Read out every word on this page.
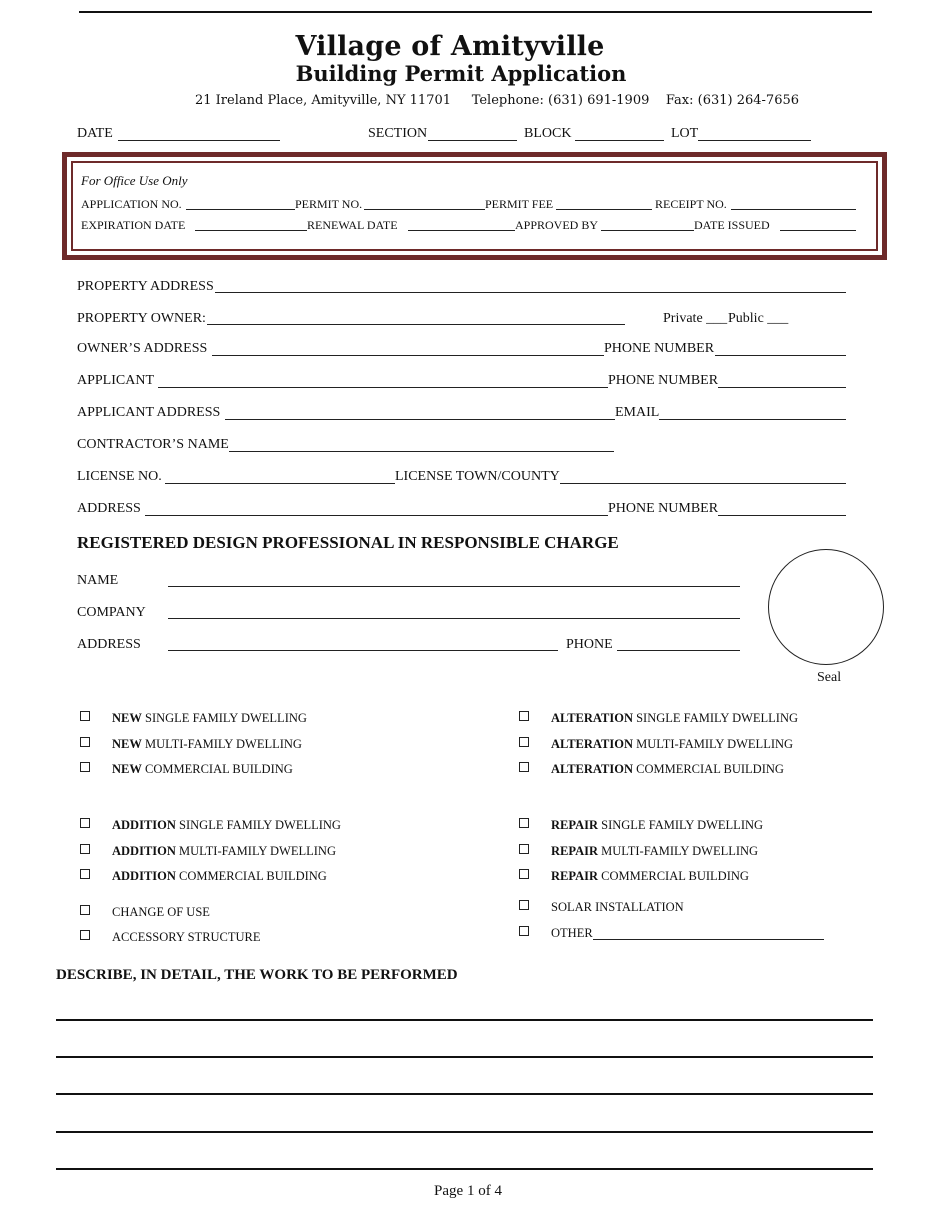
Village of Amityville
Building Permit Application
21 Ireland Place, Amityville, NY 11701 Telephone: (631) 691-1909 Fax: (631) 264-7656
DATE	SECTION	BLOCK	LOT
For Office Use Only
APPLICATION NO.	PERMIT NO.	PERMIT FEE	RECEIPT NO.
EXPIRATION DATE	RENEWAL DATE	APPROVED BY	DATE ISSUED
PROPERTY ADDRESS
PROPERTY OWNER:	Private ___ Public ___
OWNER’S ADDRESS	PHONE NUMBER
APPLICANT	PHONE NUMBER
APPLICANT ADDRESS	EMAIL
CONTRACTOR’S NAME
LICENSE NO.	LICENSE TOWN/COUNTY
ADDRESS	PHONE NUMBER
REGISTERED DESIGN PROFESSIONAL IN RESPONSIBLE CHARGE
NAME
COMPANY
ADDRESS	PHONE
Seal
NEW SINGLE FAMILY DWELLING
NEW MULTI-FAMILY DWELLING
NEW COMMERCIAL BUILDING
ADDITION SINGLE FAMILY DWELLING
ADDITION MULTI-FAMILY DWELLING
ADDITION COMMERCIAL BUILDING
CHANGE OF USE
ACCESSORY STRUCTURE
ALTERATION SINGLE FAMILY DWELLING
ALTERATION MULTI-FAMILY DWELLING
ALTERATION COMMERCIAL BUILDING
REPAIR SINGLE FAMILY DWELLING
REPAIR MULTI-FAMILY DWELLING
REPAIR COMMERCIAL BUILDING
SOLAR INSTALLATION
OTHER
DESCRIBE, IN DETAIL, THE WORK TO BE PERFORMED
Page 1 of 4
